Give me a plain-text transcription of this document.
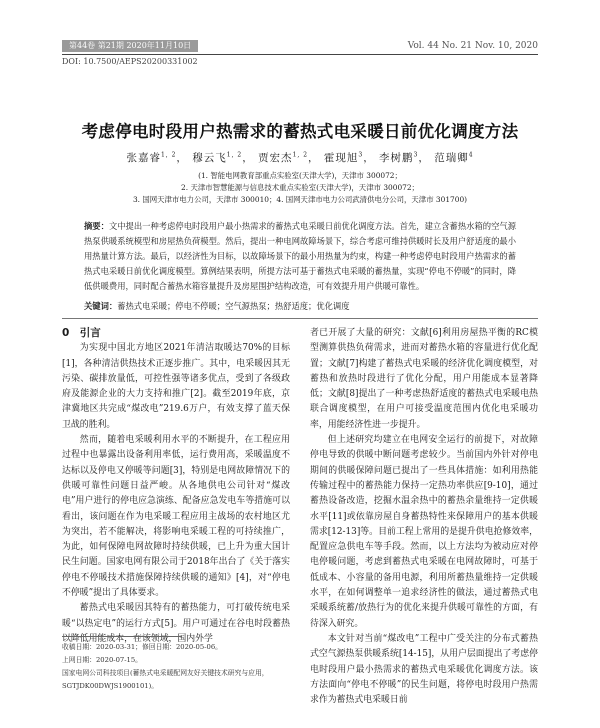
第44卷 第21期 2020年11月10日	Vol. 44 No. 21 Nov. 10, 2020
DOI: 10.7500/AEPS20200331002
考虑停电时段用户热需求的蓄热式电采暖日前优化调度方法
张嘉睿$^{1, 2}$， 穆云飞$^{1, 2}$， 贾宏杰$^{1, 2}$， 霍现旭$^3$， 李树鹏$^3$， 范瑞卿$^4$
(1. 智能电网教育部重点实验室(天津大学)，天津市 300072；
2. 天津市智慧能源与信息技术重点实验室(天津大学)，天津市 300072；
3. 国网天津市电力公司，天津市 300010；4. 国网天津市电力公司武清供电分公司，天津市 301700)
摘要：文中提出一种考虑停电时段用户最小热需求的蓄热式电采暖日前优化调度方法。首先，建立含蓄热水箱的空气源热泵供暖系统模型和房屋热负荷模型。然后，提出一种电网故障场景下，综合考虑可维持供暖时长及用户舒适度的最小用热量计算方法。最后，以经济性为目标，以故障场景下的最小用热量为约束，构建一种考虑停电时段用户热需求的蓄热式电采暖日前优化调度模型。算例结果表明，所提方法可基于蓄热式电采暖的蓄热量，实现“停电不停暖”的同时，降低供暖费用，同时配合蓄热水箱容量提升及房屋围护结构改造，可有效提升用户供暖可靠性。
关键词：蓄热式电采暖；停电不停暖；空气源热泵；热舒适度；优化调度

0　引言

为实现中国北方地区2021年清洁取暖达70%的目标[1]，各种清洁供热技术正逐步推广。其中，电采暖因其无污染、碳排放量低，可控性强等诸多优点，受到了各级政府及能源企业的大力支持和推广[2]。截至2019年底，京津冀地区共完成“煤改电”219.6万户，有效支撑了蓝天保卫战的胜利。

然而，随着电采暖利用水平的不断提升，在工程应用过程中也暴露出设备利用率低，运行费用高，采暖温度不达标以及停电又停暖等问题[3]，特别是电网故障情况下的供暖可靠性问题日益严峻。从各地供电公司针对“煤改电”用户进行的停电应急演练、配备应急发电车等措施可以看出，该问题在作为电采暖工程应用主战场的农村地区尤为突出，若不能解决，将影响电采暖工程的可持续推广，为此，如何保障电网故障时持续供暖，已上升为重大国计民生问题。国家电网有限公司于2018年出台了《关于落实停电不停暖技术措施保障持续供暖的通知》[4]，对“停电不停暖”提出了具体要求。

蓄热式电采暖因其特有的蓄热能力，可打破传统电采暖“以热定电”的运行方式[5]。用户可通过在谷电时段蓄热以降低用能成本，在该领域，国内外学

者已开展了大量的研究：文献[6]利用房屋热平衡的RC模型测算供热负荷需求，进而对蓄热水箱的容量进行优化配置；文献[7]构建了蓄热式电采暖的经济优化调度模型，对蓄热和放热时段进行了优化分配，用户用能成本显著降低；文献[8]提出了一种考虑热舒适度的蓄热式电采暖电热联合调度模型，在用户可接受温度范围内优化电采暖功率，用能经济性进一步提升。

但上述研究均建立在电网安全运行的前提下，对故障停电导致的供暖中断问题考虑较少。当前国内外针对停电期间的供暖保障问题已提出了一些具体措施：如利用热能传输过程中的蓄热能力保持一定热功率供应[9-10]，通过蓄热设备改造，挖掘水温余热中的蓄热余量维持一定供暖水平[11]或依靠房屋自身蓄热特性来保障用户的基本供暖需求[12-13]等。目前工程上常用的是提升供电抢修效率，配置应急供电车等手段。然而，以上方法均为被动应对停电停暖问题，考虑到蓄热式电采暖在电网故障时，可基于低成本、小容量的备用电源，利用所蓄热量维持一定供暖水平，在如何调整单一追求经济性的做法，通过蓄热式电采暖系统蓄/放热行为的优化来提升供暖可靠性的方面，有待深入研究。

本文针对当前“煤改电”工程中广受关注的分布式蓄热式空气源热泵供暖系统[14-15]，从用户层面提出了考虑停电时段用户最小热需求的蓄热式电采暖优化调度方法。该方法面向“停电不停暖”的民生问题，将停电时段用户热需求作为蓄热式电采暖日前

收稿日期：2020-03-31；修回日期：2020-05-06。
上网日期：2020-07-15。
国家电网公司科技项目(蓄热式电采暖配网友好关键技术研究与应用，SGTJDK00DWJS1900101)。
